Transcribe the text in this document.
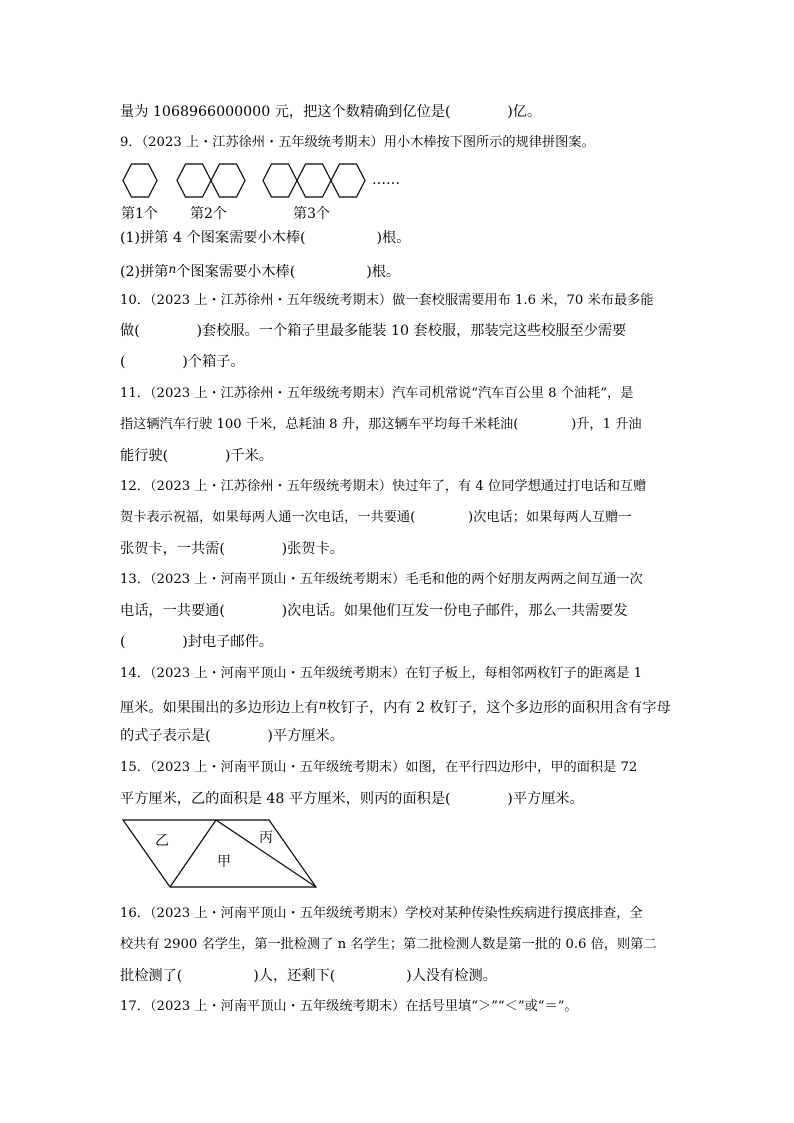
量为 1068966000000 元，把这个数精确到亿位是(　　　　)亿。
9．（2023 上・江苏徐州・五年级统考期末）用小木棒按下图所示的规律拼图案。
……
第1个 第2个	第3个
(1)拼第 4 个图案需要小木棒(　　　　　)根。
(2)拼第$^n$个图案需要小木棒(　　　　　)根。
10．（2023 上・江苏徐州・五年级统考期末）做一套校服需要用布 1.6 米，70 米布最多能
做(　　　　)套校服。一个箱子里最多能装 10 套校服，那装完这些校服至少需要
(　　　　)个箱子。
11．（2023 上・江苏徐州・五年级统考期末）汽车司机常说“汽车百公里 8 个油耗”，是
指这辆汽车行驶 100 千米，总耗油 8 升，那这辆车平均每千米耗油(　　　　)升，1 升油
能行驶(　　　　)千米。
12．（2023 上・江苏徐州・五年级统考期末）快过年了，有 4 位同学想通过打电话和互赠
贺卡表示祝福，如果每两人通一次电话，一共要通(　　　　)次电话；如果每两人互赠一
张贺卡，一共需(　　　　)张贺卡。
13．（2023 上・河南平顶山・五年级统考期末）毛毛和他的两个好朋友两两之间互通一次
电话，一共要通(　　　　)次电话。如果他们互发一份电子邮件，那么一共需要发
(　　　　)封电子邮件。
14．（2023 上・河南平顶山・五年级统考期末）在钉子板上，每相邻两枚钉子的距离是 1
厘米。如果围出的多边形边上有$^n$枚钉子，内有 2 枚钉子，这个多边形的面积用含有字母
的式子表示是(　　　　)平方厘米。
15．（2023 上・河南平顶山・五年级统考期末）如图，在平行四边形中，甲的面积是 72
平方厘米，乙的面积是 48 平方厘米，则丙的面积是(　　　　)平方厘米。
乙
甲
丙
16．（2023 上・河南平顶山・五年级统考期末）学校对某种传染性疾病进行摸底排查，全
校共有 2900 名学生，第一批检测了 n 名学生；第二批检测人数是第一批的 0.6 倍，则第二
批检测了(　　　　　)人，还剩下(　　　　　)人没有检测。
17．（2023 上・河南平顶山・五年级统考期末）在括号里填“＞”“＜”或“＝”。
